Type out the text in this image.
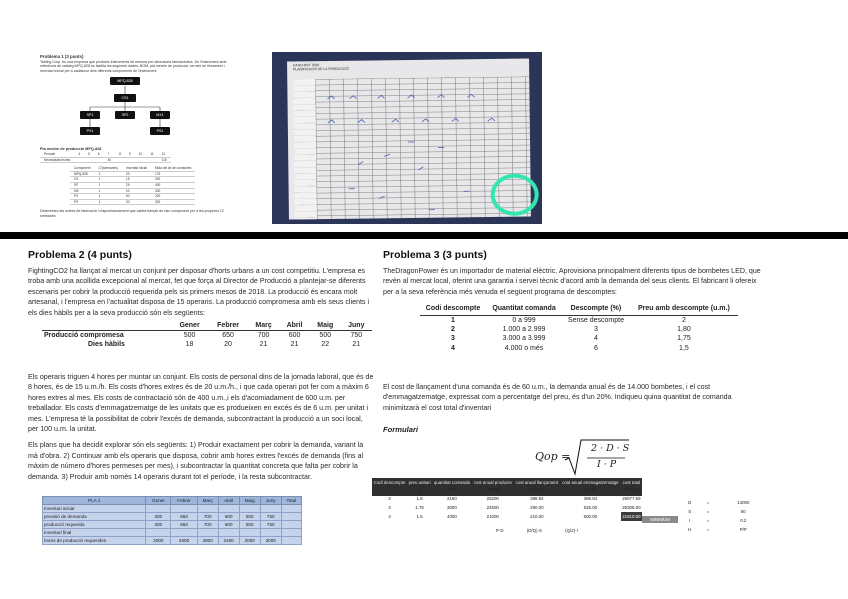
Problema 1 (3 punts)
Testing Corp. és una empresa que produeix instruments de mesura per laboratoris farmacèutics. De l'instrument amb referència de catàleg MPQ-828 es facilita les següents dades: BOM, pla mestre de producció, termini de lliurament i inventari inicial per a cadascun dels diferents components de l'instrument.
MPQ-828
CS1
SP1	SP2	MX1
PX1	PS1
Pla mestre de producció MPQ-828
Període	4	5	6	7	8	9	10	11	12
Necessitats brutes				40					115
Component	LT(setmanes)	Inventari inicial	Mida del lot de comandes
MPQ-828	1	20	175
CS	1	15	300
SP	1	25	400
MX	1	20	300
PX	1	50	200
PS	1	30	300
Determineu les ordres de fabricació i d'aprovisionament que caldrà llançar de cisc component per a les properes 12 setmanes.
CASO MST 2016
PLANIFICACIÓ DE LA PRODUCCIÓ
Problema 2 (4 punts)

FightingCO2 ha llançat al mercat un conjunt per disposar d'horts urbans a un cost competitiu. L'empresa es troba amb una acollida excepcional al mercat, fet que força al Director de Producció a plantejar-se diferents escenaris per cobrir la producció requerida pels sis primers mesos de 2018. La producció és encara molt artesanal, i l'empresa en l'actualitat disposa de 15 operaris. La producció compromesa amb els seus clients i els dies hàbils per a la seva producció són els següents:

	Gener	Febrer	Març	Abril	Maig	Juny
Producció compromesa	500	650	700	600	500	750
Dies hàbils	18	20	21	21	22	21

Els operaris triguen 4 hores per muntar un conjunt. Els costs de personal dins de la jornada laboral, que és de 8 hores, és de 15 u.m./h. Els costs d'hores extres és de 20 u.m./h., i que cada operari pot fer com a màxim 6 hores extres al mes. Els costs de contractació són de 400 u.m.,i els d'acomiadament de 600 u.m. per treballador. Els costs d'emmagatzematge de les unitats que es produeixen en excés és de 6 u.m. per unitat i mes. L'empresa té la possibilitat de cobrir l'excés de demanda, subcontractant la producció a un soci local, per 100 u.m. la unitat.

Els plans que ha decidit explorar són els següents: 1) Produir exactament per cobrir la demanda, variant la mà d'obra. 2) Continuar amb els operaris que disposa, cobrir amb hores extres l'excés de demanda (fins al màxim de número d'hores permeses per mes), i subcontractar la quantitat concreta que falta per cobrir la demanda. 3) Produir amb nomès 14 operaris durant tot el període, i la resta subcontractar.

Problema 3 (3 punts)

TheDragonPower és un importador de material elèctric. Aprovisiona principalment diferents tipus de bombetes LED, que revèn al mercat local, oferint una garantia i servei tècnic d'acord amb la demanda del seus clients. El fabricant li ofereix per a la seva referència més venuda el següent programa de descomptes:

Codi descompte	Quantitat comanda	Descompte (%)	Preu amb descompte (u.m.)
1	0 a 999	Sense descompte	2
2	1.000 a 2.999	3	1,80
3	3.000 a 3.999	4	1,75
4	4.000 o més	6	1,5
El cost de llançament d'una comanda és de 60 u.m., la demanda anual és de 14.000 bombetes, i el cost d'emmagatzematge, expressat com a percentatge del preu, és d'un 20%. Indiqueu quina quantitat de comanda minimitzarà el cost total d'inventari
Formulari
Qop =
2 · D · S
I · P
PLA 1	Gener	Febrer	Març	Abril	Maig	Juny	Total
Inventari inicial							
previsió de demanda	300	650	700	600	500	750	
producció requerida	300	650	700	600	500	750	
Inventari final							
hores de producció requerides	2000	2600	2800	2400	2000	3000	
Codi descompte	preu unitari	quantitat comanda	cost anual producte	cost anual llançament	cost anual emmagatzematge	cost total
1	2	999	28000	840.84	199.80	29040.64
2	1.8	2160	25200	388.84	388.84	25977.69
3	1.75	3000	24500	280.00	525.00	25305.00
4	1.5	4000	21000	210.00	600.00	21810.00
MINIMUM
D	=	14000
S	=	60
I	=	0.2
H	=	P/P
P·D	(D/Q)·S	(Q/2)·I
